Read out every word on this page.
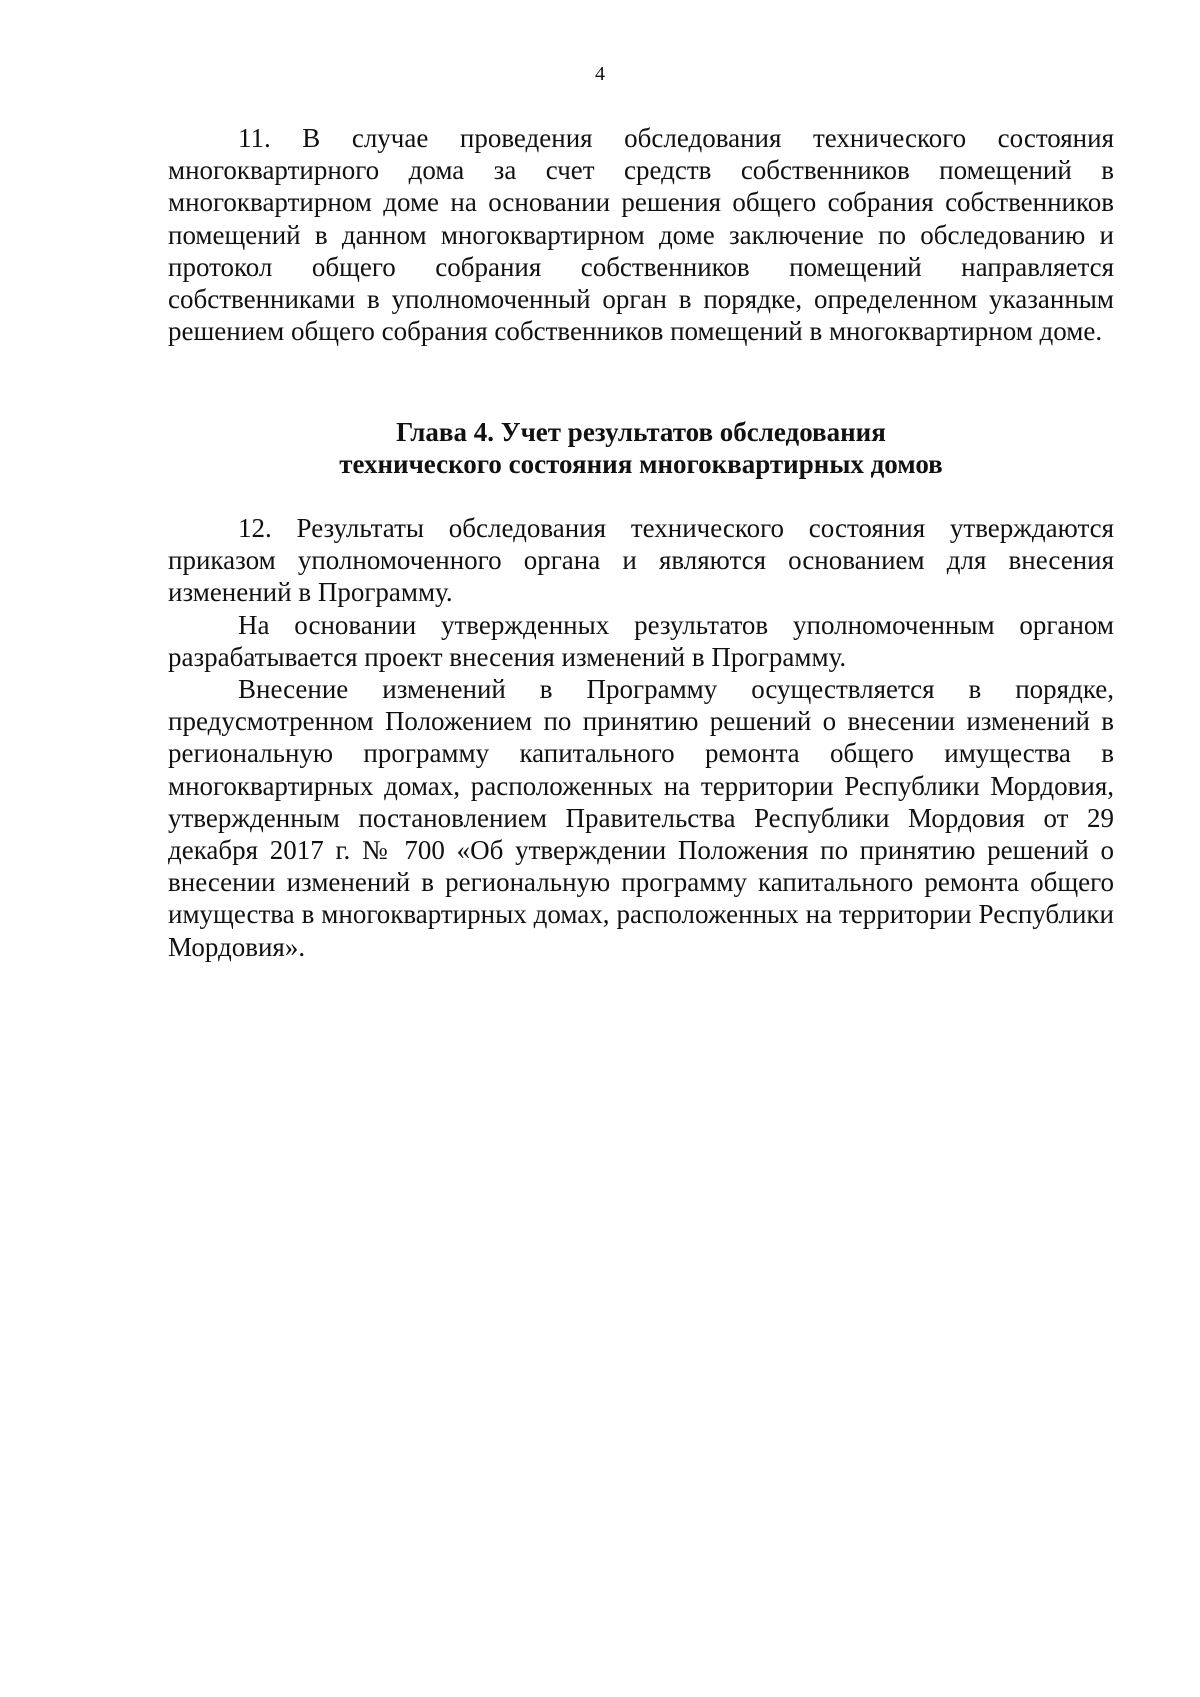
4

11. В случае проведения обследования технического состояния многоквартирного дома за счет средств собственников помещений в многоквартирном доме на основании решения общего собрания собственников помещений в данном многоквартирном доме заключение по обследованию и протокол общего собрания собственников помещений направляется собственниками в уполномоченный орган в порядке, определенном указанным решением общего собрания собственников помещений в многоквартирном доме.

Глава 4. Учет результатов обследования
технического состояния многоквартирных домов

12. Результаты обследования технического состояния утверждаются приказом уполномоченного органа и являются основанием для внесения изменений в Программу.

На основании утвержденных результатов уполномоченным органом разрабатывается проект внесения изменений в Программу.

Внесение изменений в Программу осуществляется в порядке, предусмотренном Положением по принятию решений о внесении изменений в региональную программу капитального ремонта общего имущества в многоквартирных домах, расположенных на территории Республики Мордовия, утвержденным постановлением Правительства Республики Мордовия от 29 декабря 2017 г. № 700 «Об утверждении Положения по принятию решений о внесении изменений в региональную программу капитального ремонта общего имущества в многоквартирных домах, расположенных на территории Республики Мордовия».
